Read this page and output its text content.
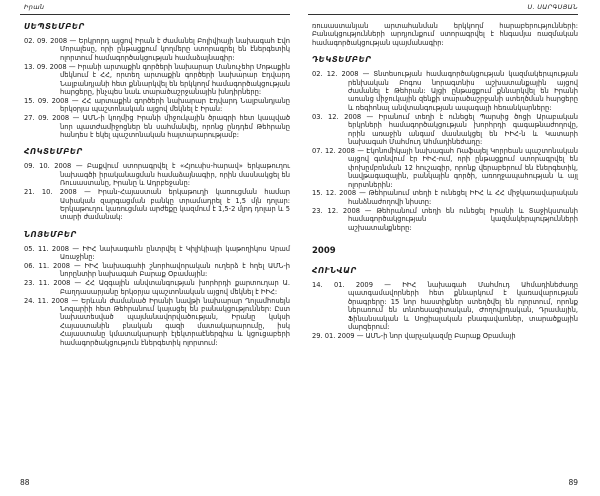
Իրան
ՍԵՊՏԵՄԲԵՐ
02. 09. 2008 — Երկրորդ այցով Իրան է ժամանել Բոլիվիայի նախագահ Էվո Մորալեսը, որի ընթացքում կողմերը ստորագրել են էներգետիկ ոլորտում համագործակցության համաձայնագիր:
13. 09. 2008 — Իրանի արտաքին գործերի նախարար Մանուչեհր Մոթաքին մեկնում է ՀՀ, որտեղ արտաքին գործերի նախարար Էդվարդ Նալբանդյանի հետ քննարկվել են երկկողմ համագործակցության հարցերը, ինչպես նաև տարածաշրջանային խնդիրները:
15. 09. 2008 — ՀՀ արտաքին գործերի նախարար Էդվարդ Նալբանդյանը երկօրյա պաշտոնական այցով մեկնել է Իրան:
27. 09. 2008 — ԱՄՆ-ի կողմից Իրանի միջուկային ծրագրի հետ կապված նոր պատժամիջոցներ են սահմանվել, որոնց ընդդեմ Թեհրանը հանդես է եկել պաշտոնական հայտարարությամբ:
ՀՈԿՏԵՄԲԵՐ
09. 10. 2008 — Բաքվում ստորագրվել է «Հյուսիս-հարավ» երկաթուղու նախագծի իրականացման համաձայնագիր, որին մասնակցել են Ռուսաստանը, Իրանը և Ադրբեջանը:
21. 10. 2008 — Իրան-Հայաստան երկաթուղի կառուցման համար Ասիական զարգացման բանկը տրամադրել է 1,5 մլն դոլար: Երկաթուղու կառուցման արժեքը կազմում է 1,5-2 մլրդ դոլար և 5 տարի ժամանակ:
ՆՈՅԵՄԲԵՐ
05. 11. 2008 — ԻԻՀ նախագահն ընտրվել է Կիլիկիայի կաթողիկոս Արամ Առաջինը:
06. 11. 2008 — ԻԻՀ նախագահի շնորհավորական ուղերձ է հղել ԱՄՆ-ի նորընտիր նախագահ Բարաք Օբամային:
23. 11. 2008 — ՀՀ Ազգային անվտանգության խորհրդի քարտուղար Ա. Բաղդասարյանը երկօրյա պաշտոնական այցով մեկնել է ԻԻՀ:
24. 11. 2008 — Երևան ժամանած Իրանի նավթի նախարար Ղոլամհոսեյն Նոզարիի հետ Թեհրանում կայացել են բանակցություններ: Ըստ նախատեսված պայմանավորվածության, Իրանը կսկսի Հայաստանին բնական գազի մատակարարումը, իսկ Հայաստանը կմատակարարի էլեկտրաէներգիա և կցուցաբերի համագործակցություն էներգետիկ ոլորտում:
88
Ս. ՍԱՐԳՍՅԱՆ
ռուսաստանյան արտահանման երկկողմ հարաբերությունների: Բանակցությունների արդյունքում ստորագրվել է հնգամյա ռազմական համագործակցության պայմանագիր:
ԴԵԿՏԵՄԲԵՐ
02. 12. 2008 — Տնտեսության համագործակցության կազմակերպության րենխական Բոգոս նորագտնիս աշխատանքային այցով ժամանել է Թեհրան: Այցի ընթացքում քննարկվել են Իրանի առանց միջուկային զենքի տարածաշրջանի ստեղծման հարցերը և ռեգիոնալ անվտանգության ապագայի հեռանկարները:
03. 12. 2008 — Իրանում տեղի է ունեցել Պարսից ծոցի Արաբական երկրների համագործակցության խորհրդի գագաթնաժողովը, որին առաջին անգամ մասնակցել են ԻԻՀ-ն և Կատարի նախագահ Մահմուդ Ահմադինեժադը:
07. 12. 2008 — Էկոնոմիկայի նախագահ Ռաֆայել Կորրեան պաշտոնական այցով գտնվում էր ԻԻՀ-ում, որի ընթացքում ստորագրվել են փոխըմբռնման 12 հուշագիր, որոնք վերաբերում են էներգետիկ, նավթագազային, բանկային գործի, առողջապահության և այլ ոլորտներին:
15. 12. 2008 — Թեհրանում տեղի է ունեցել ԻԻՀ և ՀՀ միջկառավարական հանձնաժողովի նիստը:
23. 12. 2008 — Թեհրանում տեղի են ունեցել Իրանի և Տաջիկստանի համագործակցության կազմակերպությունների աշխատանքները:
2009
ՀՈՒՆՎԱՐ
14. 01. 2009 — ԻԻՀ նախագահ Մահմուդ Ահմադինեժադը պատգամավորների հետ քննարկում է կառավարության ծրագրերը: 15 նոր հաստիքներ ստեղծվել են ոլորտում, որոնք ներառում են տնտեսագիտական, Ժողովրդական, Դրամային, Ֆինանսական և Սոցիալական բնագավառներ, տարածքային մարզերում:
29. 01. 2009 — ԱՄՆ-ի նոր վարչակազմը Բարաք Օբամայի
89
